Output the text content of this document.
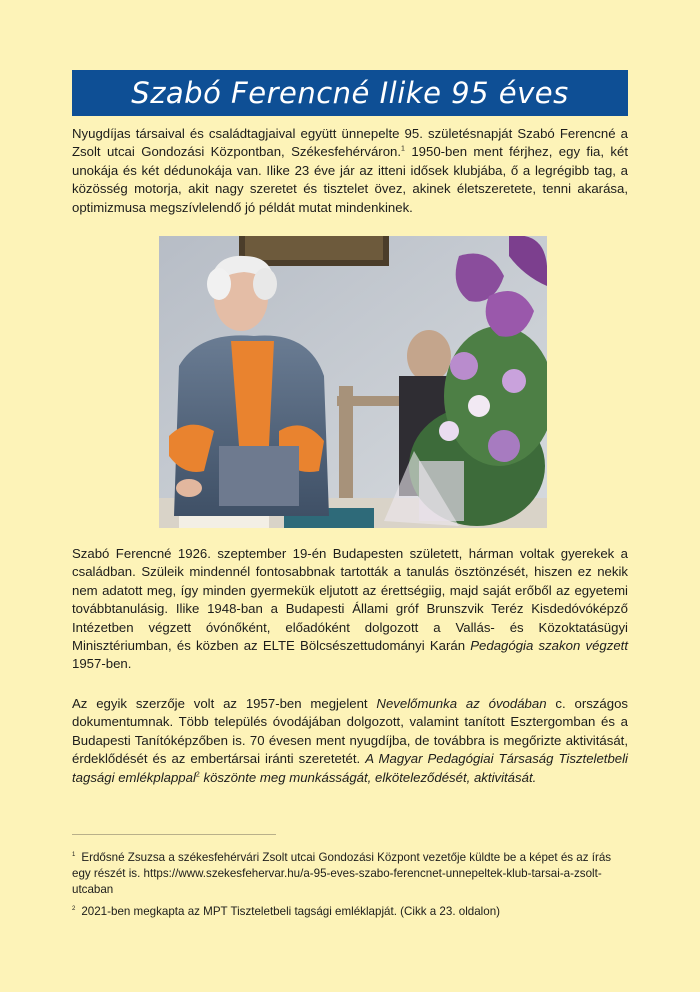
Szabó Ferencné Ilike 95 éves

Nyugdíjas társaival és családtagjaival együtt ünnepelte 95. születésnapját Szabó Ferencné a Zsolt utcai Gondozási Központban, Székesfehérváron.$^1$ 1950-ben ment férjhez, egy fia, két unokája és két dédunokája van. Ilike 23 éve jár az itteni idősek klubjába, ő a legrégibb tag, a közösség motorja, akit nagy szeretet és tisztelet övez, akinek életszeretete, tenni akarása, optimizmusa megszívlelendő jó példát mutat mindenkinek.

Szabó Ferencné 1926. szeptember 19-én Budapesten született, hárman voltak gyerekek a családban. Szüleik mindennél fontosabbnak tartották a tanulás ösztönzését, hiszen ez nekik nem adatott meg, így minden gyermekük eljutott az érettségiig, majd saját erőből az egyetemi továbbtanulásig. Ilike 1948-ban a Budapesti Állami gróf Brunszvik Teréz Kisdedóvóképző Intézetben végzett óvónőként, előadóként dolgozott a Vallás- és Közoktatásügyi Minisztériumban, és közben az ELTE Bölcsészettudományi Karán Pedagógia szakon végzett 1957-ben.

Az egyik szerzője volt az 1957-ben megjelent Nevelőmunka az óvodában c. országos dokumentumnak. Több település óvodájában dolgozott, valamint tanított Esztergomban és a Budapesti Tanítóképzőben is. 70 évesen ment nyugdíjba, de továbbra is megőrizte aktivitását, érdeklődését és az embertársai iránti szeretetét. A Magyar Pedagógiai Társaság Tiszteletbeli tagsági emlékplappal$^2$ köszönte meg munkásságát, elköteleződését, aktivitását.

$^1$ Erdősné Zsuzsa a székesfehérvári Zsolt utcai Gondozási Központ vezetője küldte be a képet és az írás egy részét is. https://www.szekesfehervar.hu/a-95-eves-szabo-ferencnet-unnepeltek-klub-tarsai-a-zsolt-utcaban

$^2$ 2021-ben megkapta az MPT Tiszteletbeli tagsági emléklapját. (Cikk a 23. oldalon)
